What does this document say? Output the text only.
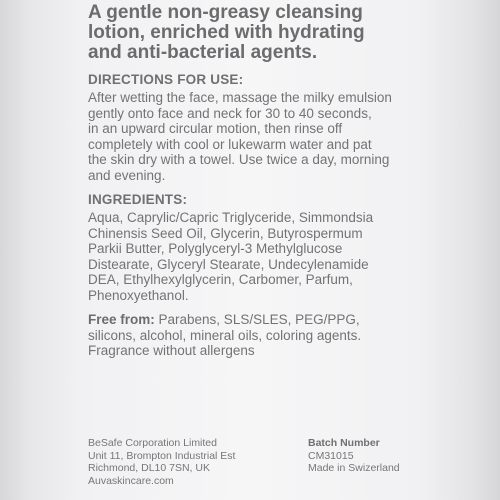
A gentle non-greasy cleansing
lotion, enriched with hydrating
and anti-bacterial agents.
DIRECTIONS FOR USE:
After wetting the face, massage the milky emulsion
gently onto face and neck for 30 to 40 seconds,
in an upward circular motion, then rinse off
completely with cool or lukewarm water and pat
the skin dry with a towel. Use twice a day, morning
and evening.
INGREDIENTS:
Aqua, Caprylic/Capric Triglyceride, Simmondsia
Chinensis Seed Oil, Glycerin, Butyrospermum
Parkii Butter, Polyglyceryl-3 Methylglucose
Distearate, Glyceryl Stearate, Undecylenamide
DEA, Ethylhexylglycerin, Carbomer, Parfum,
Phenoxyethanol.
Free from: Parabens, SLS/SLES, PEG/PPG,
silicons, alcohol, mineral oils, coloring agents.
Fragrance without allergens
BeSafe Corporation Limited
Unit 11, Brompton Industrial Est
Richmond, DL10 7SN, UK
Auvaskincare.com
Batch Number
CM31015
Made in Swizerland
